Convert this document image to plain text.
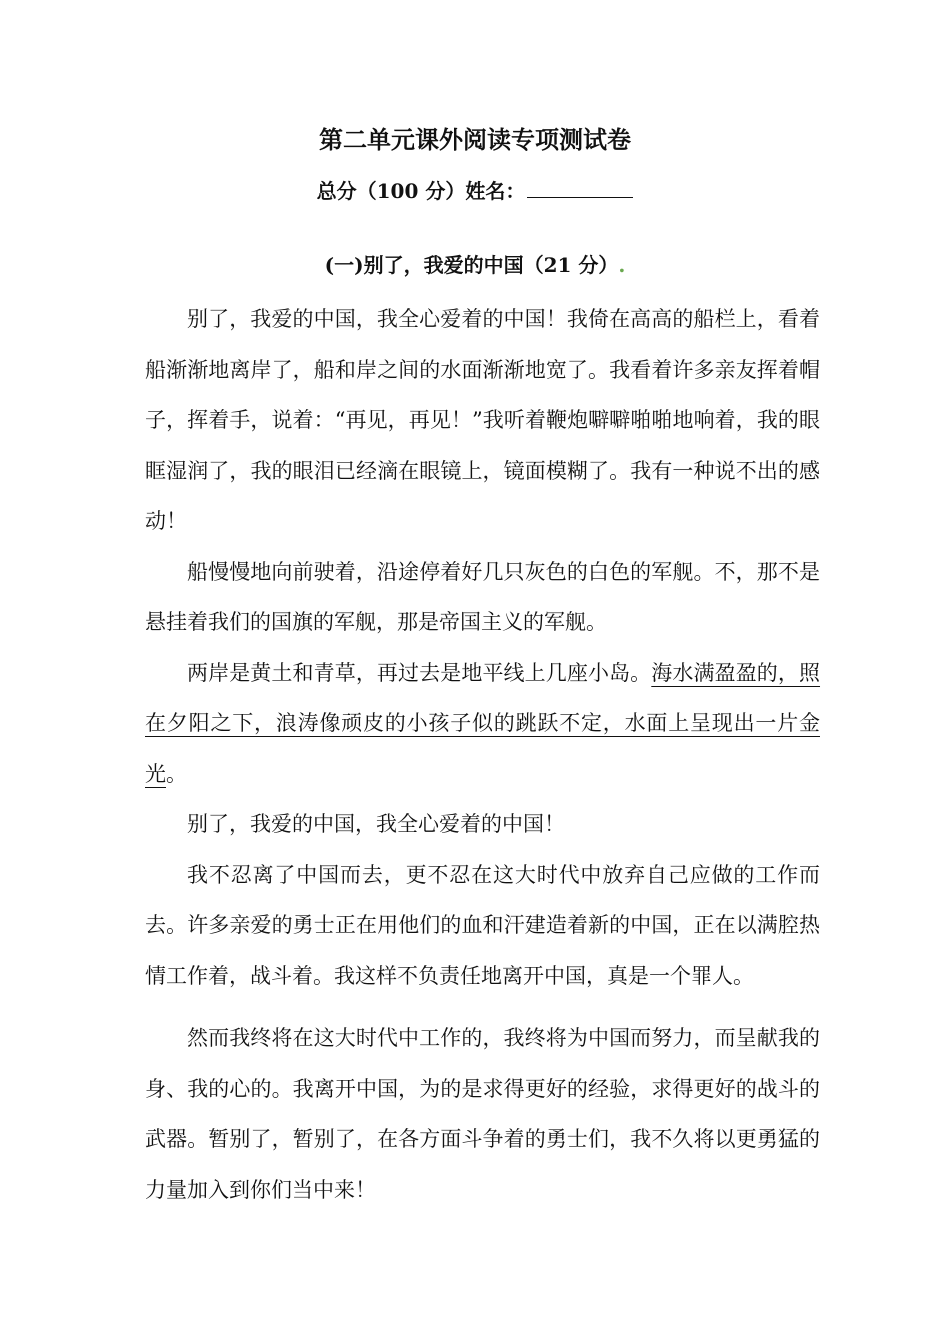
第二单元课外阅读专项测试卷
总分（100 分）姓名：
(一)别了，我爱的中国（21 分）.

别了，我爱的中国，我全心爱着的中国！我倚在高高的船栏上，看着船渐渐地离岸了，船和岸之间的水面渐渐地宽了。我看着许多亲友挥着帽子，挥着手，说着：“再见，再见！”我听着鞭炮噼噼啪啪地响着，我的眼眶湿润了，我的眼泪已经滴在眼镜上，镜面模糊了。我有一种说不出的感动！

船慢慢地向前驶着，沿途停着好几只灰色的白色的军舰。不，那不是悬挂着我们的国旗的军舰，那是帝国主义的军舰。

两岸是黄土和青草，再过去是地平线上几座小岛。海水满盈盈的，照在夕阳之下，浪涛像顽皮的小孩子似的跳跃不定，水面上呈现出一片金光。

别了，我爱的中国，我全心爱着的中国！

我不忍离了中国而去，更不忍在这大时代中放弃自己应做的工作而去。许多亲爱的勇士正在用他们的血和汗建造着新的中国，正在以满腔热情工作着，战斗着。我这样不负责任地离开中国，真是一个罪人。

然而我终将在这大时代中工作的，我终将为中国而努力，而呈献我的身、我的心的。我离开中国，为的是求得更好的经验，求得更好的战斗的武器。暂别了，暂别了，在各方面斗争着的勇士们，我不久将以更勇猛的力量加入到你们当中来！
